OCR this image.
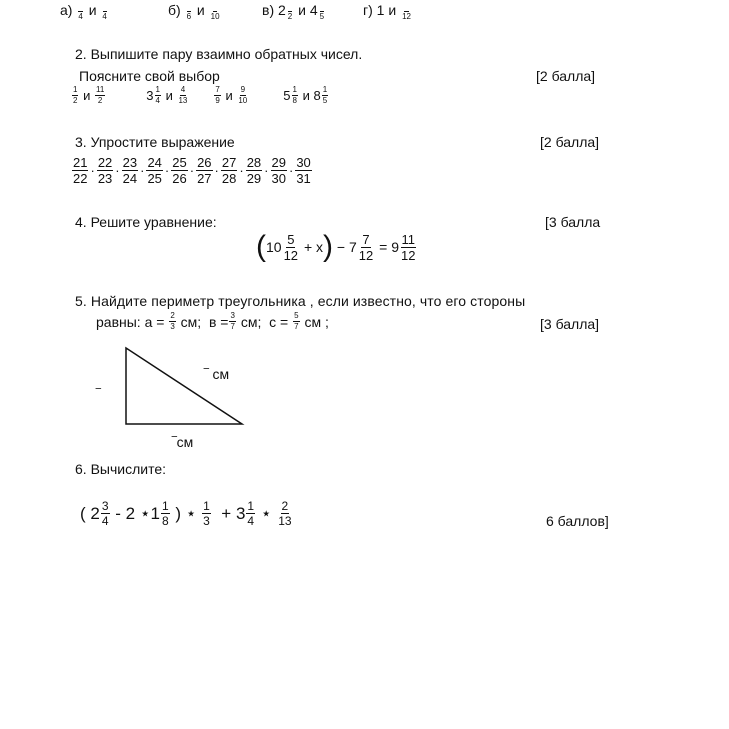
а)
4 и
4	б)
6 и
10	в) 2
2 и 4
5	г) 1 и
12
2. Выпишите пару взаимно обратных чисел.
Поясните свой выбор	[2 балла]
$\frac{1}{2}$
и
$\frac{11}{2}$	$3 \frac{1}{4}$
и
$\frac{4}{13}$	$\frac{7}{9}$
и
$\frac{9}{10}$	$5 \frac{1}{8}$
и
$8 \frac{1}{5}$
3. Упростите выражение	[2 балла]
$\frac{21}{22} \cdot \frac{22}{23} \cdot \frac{23}{24} \cdot \frac{24}{25} \cdot \frac{25}{26} \cdot \frac{26}{27} \cdot \frac{27}{28} \cdot \frac{28}{29} \cdot \frac{29}{30} \cdot \frac{30}{31}$
4. Решите уравнение:	[3 балла
( $10 \frac{5}{12}$
+ x )
−
$7 \frac{7}{12}$
=
$9 \frac{11}{12}$
5. Найдите периметр треугольника , если известно, что его стороны
равны: а =
$\frac{2}{3}$
см;
$в = \frac{3}{7}$
см;
с =
$\frac{5}{7}$
см ;	[3 балла]
‾ см
‾
‾см
6. Вычислите:
(
$2 \frac{3}{4}$
- 2 ⋆1 $\frac{1}{8}$
) ⋆
$\frac{1}{3}$
+ $3 \frac{1}{4}$
⋆
$\frac{2}{13}$	6 баллов]
